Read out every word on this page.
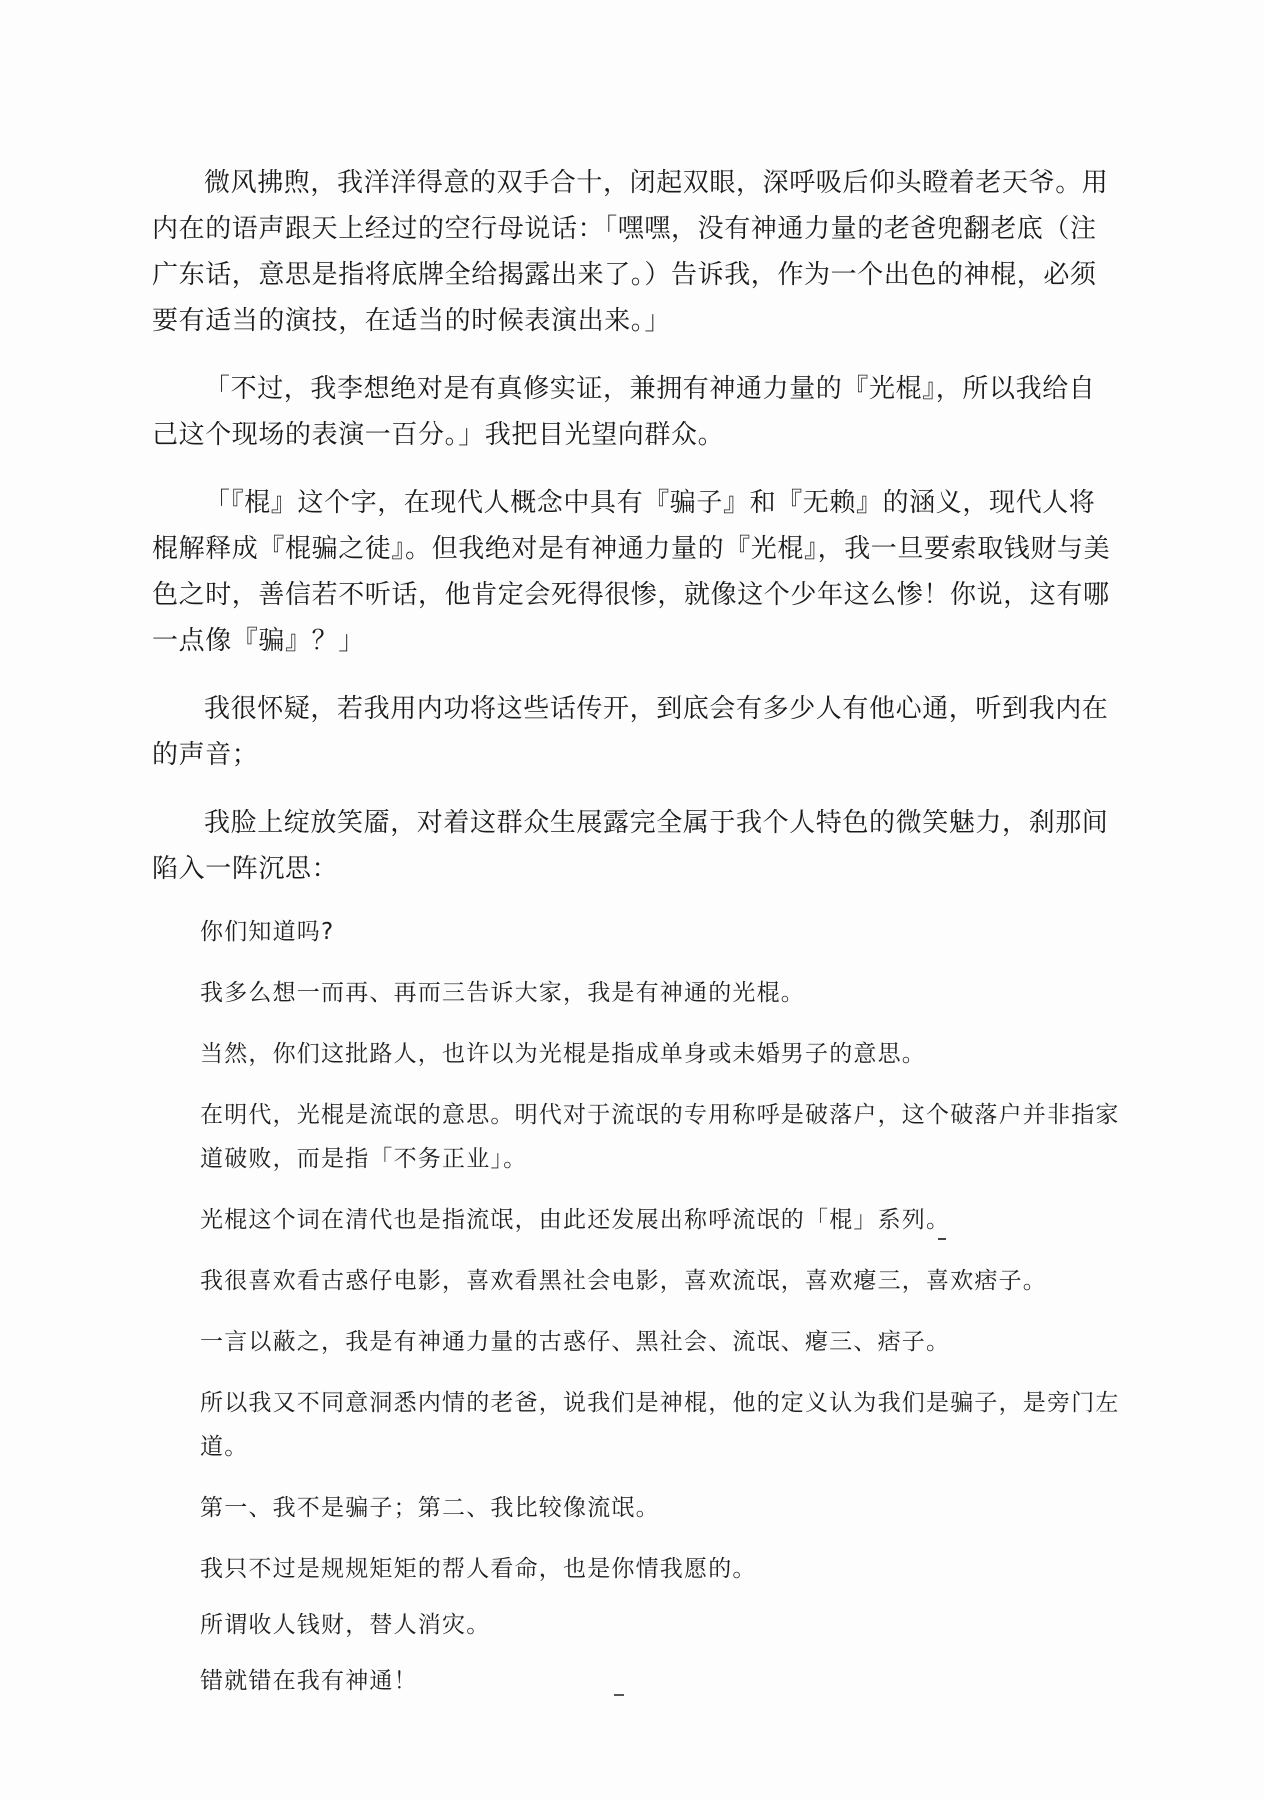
微风拂煦，我洋洋得意的双手合十，闭起双眼，深呼吸后仰头瞪着老天爷。用内在的语声跟天上经过的空行母说话：「嘿嘿，没有神通力量的老爸兜翻老底（注广东话，意思是指将底牌全给揭露出来了。）告诉我，作为一个出色的神棍，必须要有适当的演技，在适当的时候表演出来。」

「不过，我李想绝对是有真修实证，兼拥有神通力量的『光棍』，所以我给自己这个现场的表演一百分。」我把目光望向群众。

「『棍』这个字，在现代人概念中具有『骗子』和『无赖』的涵义，现代人将棍解释成『棍骗之徒』。但我绝对是有神通力量的『光棍』，我一旦要索取钱财与美色之时，善信若不听话，他肯定会死得很惨，就像这个少年这么惨！你说，这有哪一点像『骗』？」

我很怀疑，若我用内功将这些话传开，到底会有多少人有他心通，听到我内在的声音；

我脸上绽放笑靥，对着这群众生展露完全属于我个人特色的微笑魅力，刹那间陷入一阵沉思：

你们知道吗?

我多么想一而再、再而三告诉大家，我是有神通的光棍。

当然，你们这批路人，也许以为光棍是指成单身或未婚男子的意思。

在明代，光棍是流氓的意思。明代对于流氓的专用称呼是破落户，这个破落户并非指家道破败，而是指「不务正业」。

光棍这个词在清代也是指流氓，由此还发展出称呼流氓的「棍」系列。

我很喜欢看古惑仔电影，喜欢看黑社会电影，喜欢流氓，喜欢瘪三，喜欢痞子。

一言以蔽之，我是有神通力量的古惑仔、黑社会、流氓、瘪三、痞子。

所以我又不同意洞悉内情的老爸，说我们是神棍，他的定义认为我们是骗子，是旁门左道。

第一、我不是骗子；第二、我比较像流氓。

我只不过是规规矩矩的帮人看命，也是你情我愿的。

所谓收人钱财，替人消灾。

错就错在我有神通！
